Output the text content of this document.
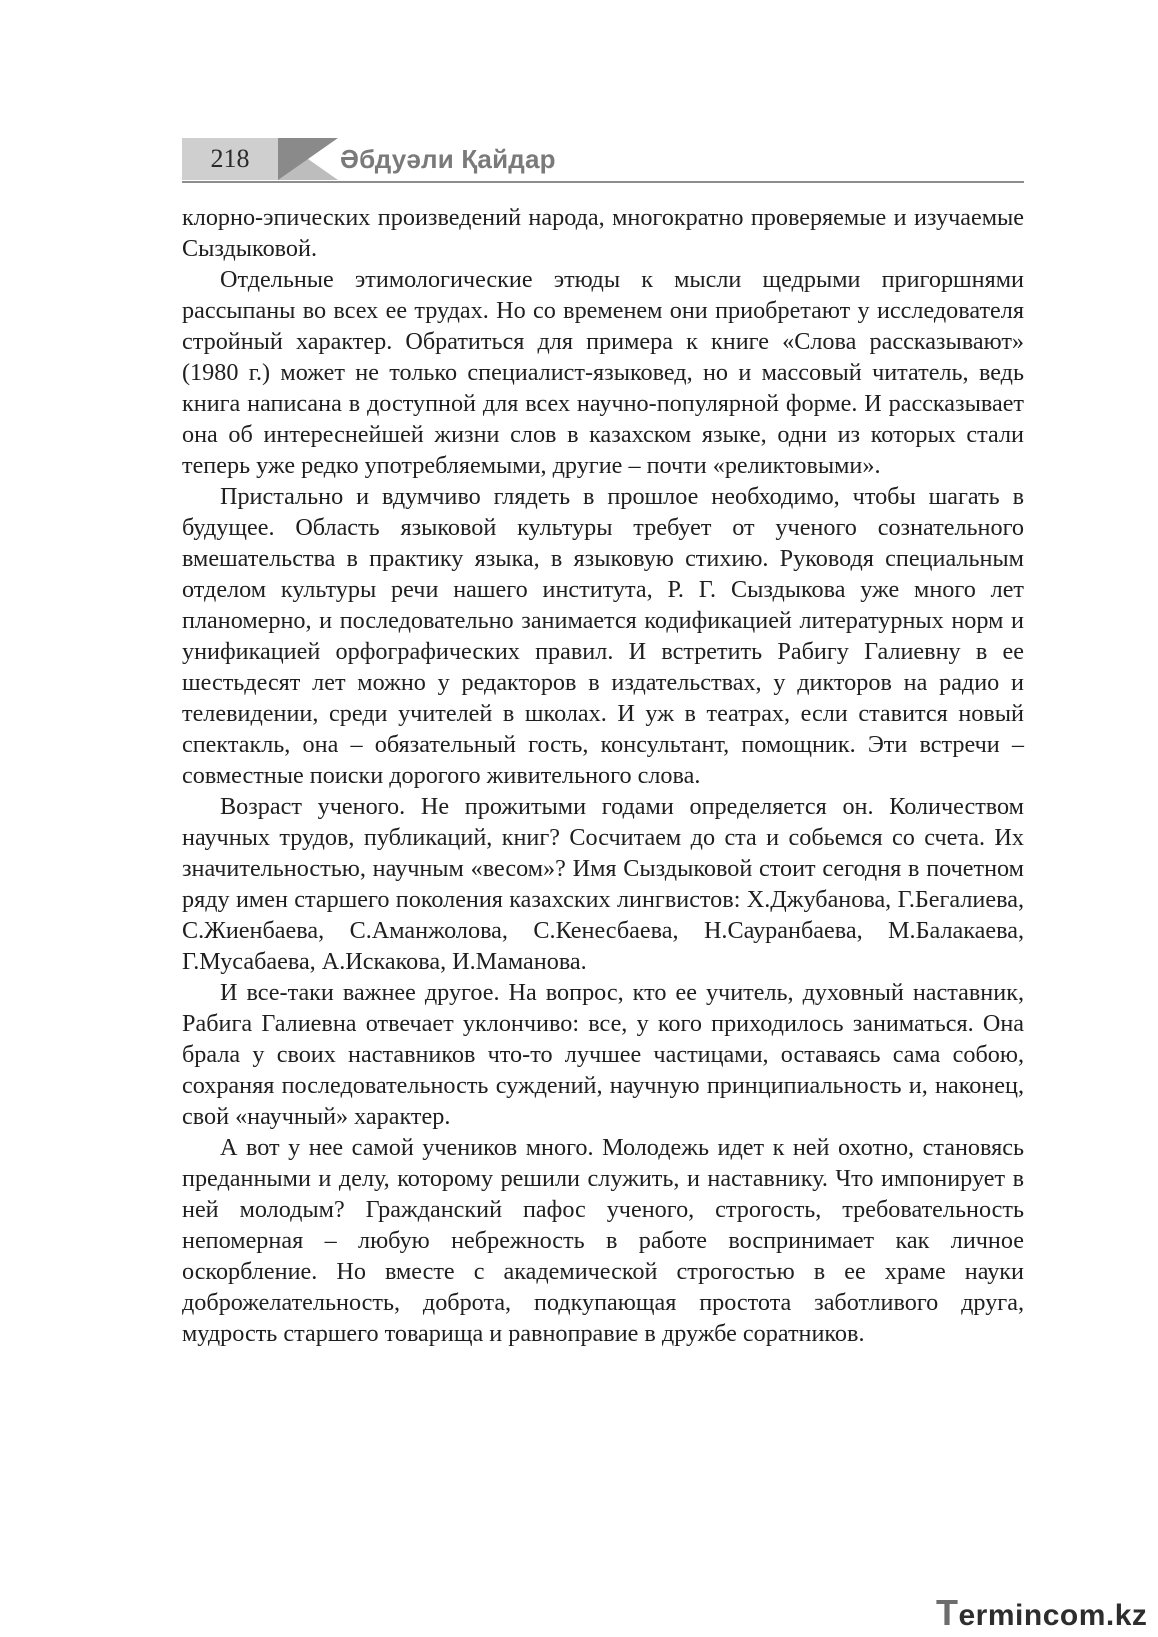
218	Әбдуәли Қайдар

клорно-эпических произведений народа, многократно проверяемые и изучаемые Сыздыковой.

Отдельные этимологические этюды к мысли щедрыми пригоршнями рассыпаны во всех ее трудах. Но со временем они приобретают у исследователя стройный характер. Обратиться для примера к книге «Слова рассказывают» (1980 г.) может не только специалист-языковед, но и массовый читатель, ведь книга написана в доступной для всех научно-популярной форме. И рассказывает она об интереснейшей жизни слов в казахском языке, одни из которых стали теперь уже редко употребляемыми, другие – почти «реликтовыми».

Пристально и вдумчиво глядеть в прошлое необходимо, чтобы шагать в будущее. Область языковой культуры требует от ученого сознательного вмешательства в практику языка, в языковую стихию. Руководя специальным отделом культуры речи нашего института, Р. Г. Сыздыкова уже много лет планомерно, и последовательно занимается кодификацией литературных норм и унификацией орфографических правил. И встретить Рабигу Галиевну в ее шестьдесят лет можно у редакторов в издательствах, у дикторов на радио и телевидении, среди учителей в школах. И уж в театрах, если ставится новый спектакль, она – обязательный гость, консультант, помощник. Эти встречи – совместные поиски дорогого живительного слова.

Возраст ученого. Не прожитыми годами определяется он. Количеством научных трудов, публикаций, книг? Сосчитаем до ста и собьемся со счета. Их значительностью, научным «весом»? Имя Сыздыковой стоит сегодня в почетном ряду имен старшего поколения казахских лингвистов: Х.Джубанова, Г.Бегалиева, С.Жиенбаева, С.Аманжолова, С.Кенесбаева, Н.Сауранбаева, М.Балакаева, Г.Мусабаева, А.Искакова, И.Маманова.

И все-таки важнее другое. На вопрос, кто ее учитель, духовный наставник, Рабига Галиевна отвечает уклончиво: все, у кого приходилось заниматься. Она брала у своих наставников что-то лучшее частицами, оставаясь сама собою, сохраняя последовательность суждений, научную принципиальность и, наконец, свой «научный» характер.

А вот у нее самой учеников много. Молодежь идет к ней охотно, становясь преданными и делу, которому решили служить, и наставнику. Что импонирует в ней молодым? Гражданский пафос ученого, строгость, требовательность непомерная – любую небрежность в работе воспринимает как личное оскорбление. Но вместе с академической строгостью в ее храме науки доброжелательность, доброта, подкупающая простота заботливого друга, мудрость старшего товарища и равноправие в дружбе соратников.

Termincom.kz
